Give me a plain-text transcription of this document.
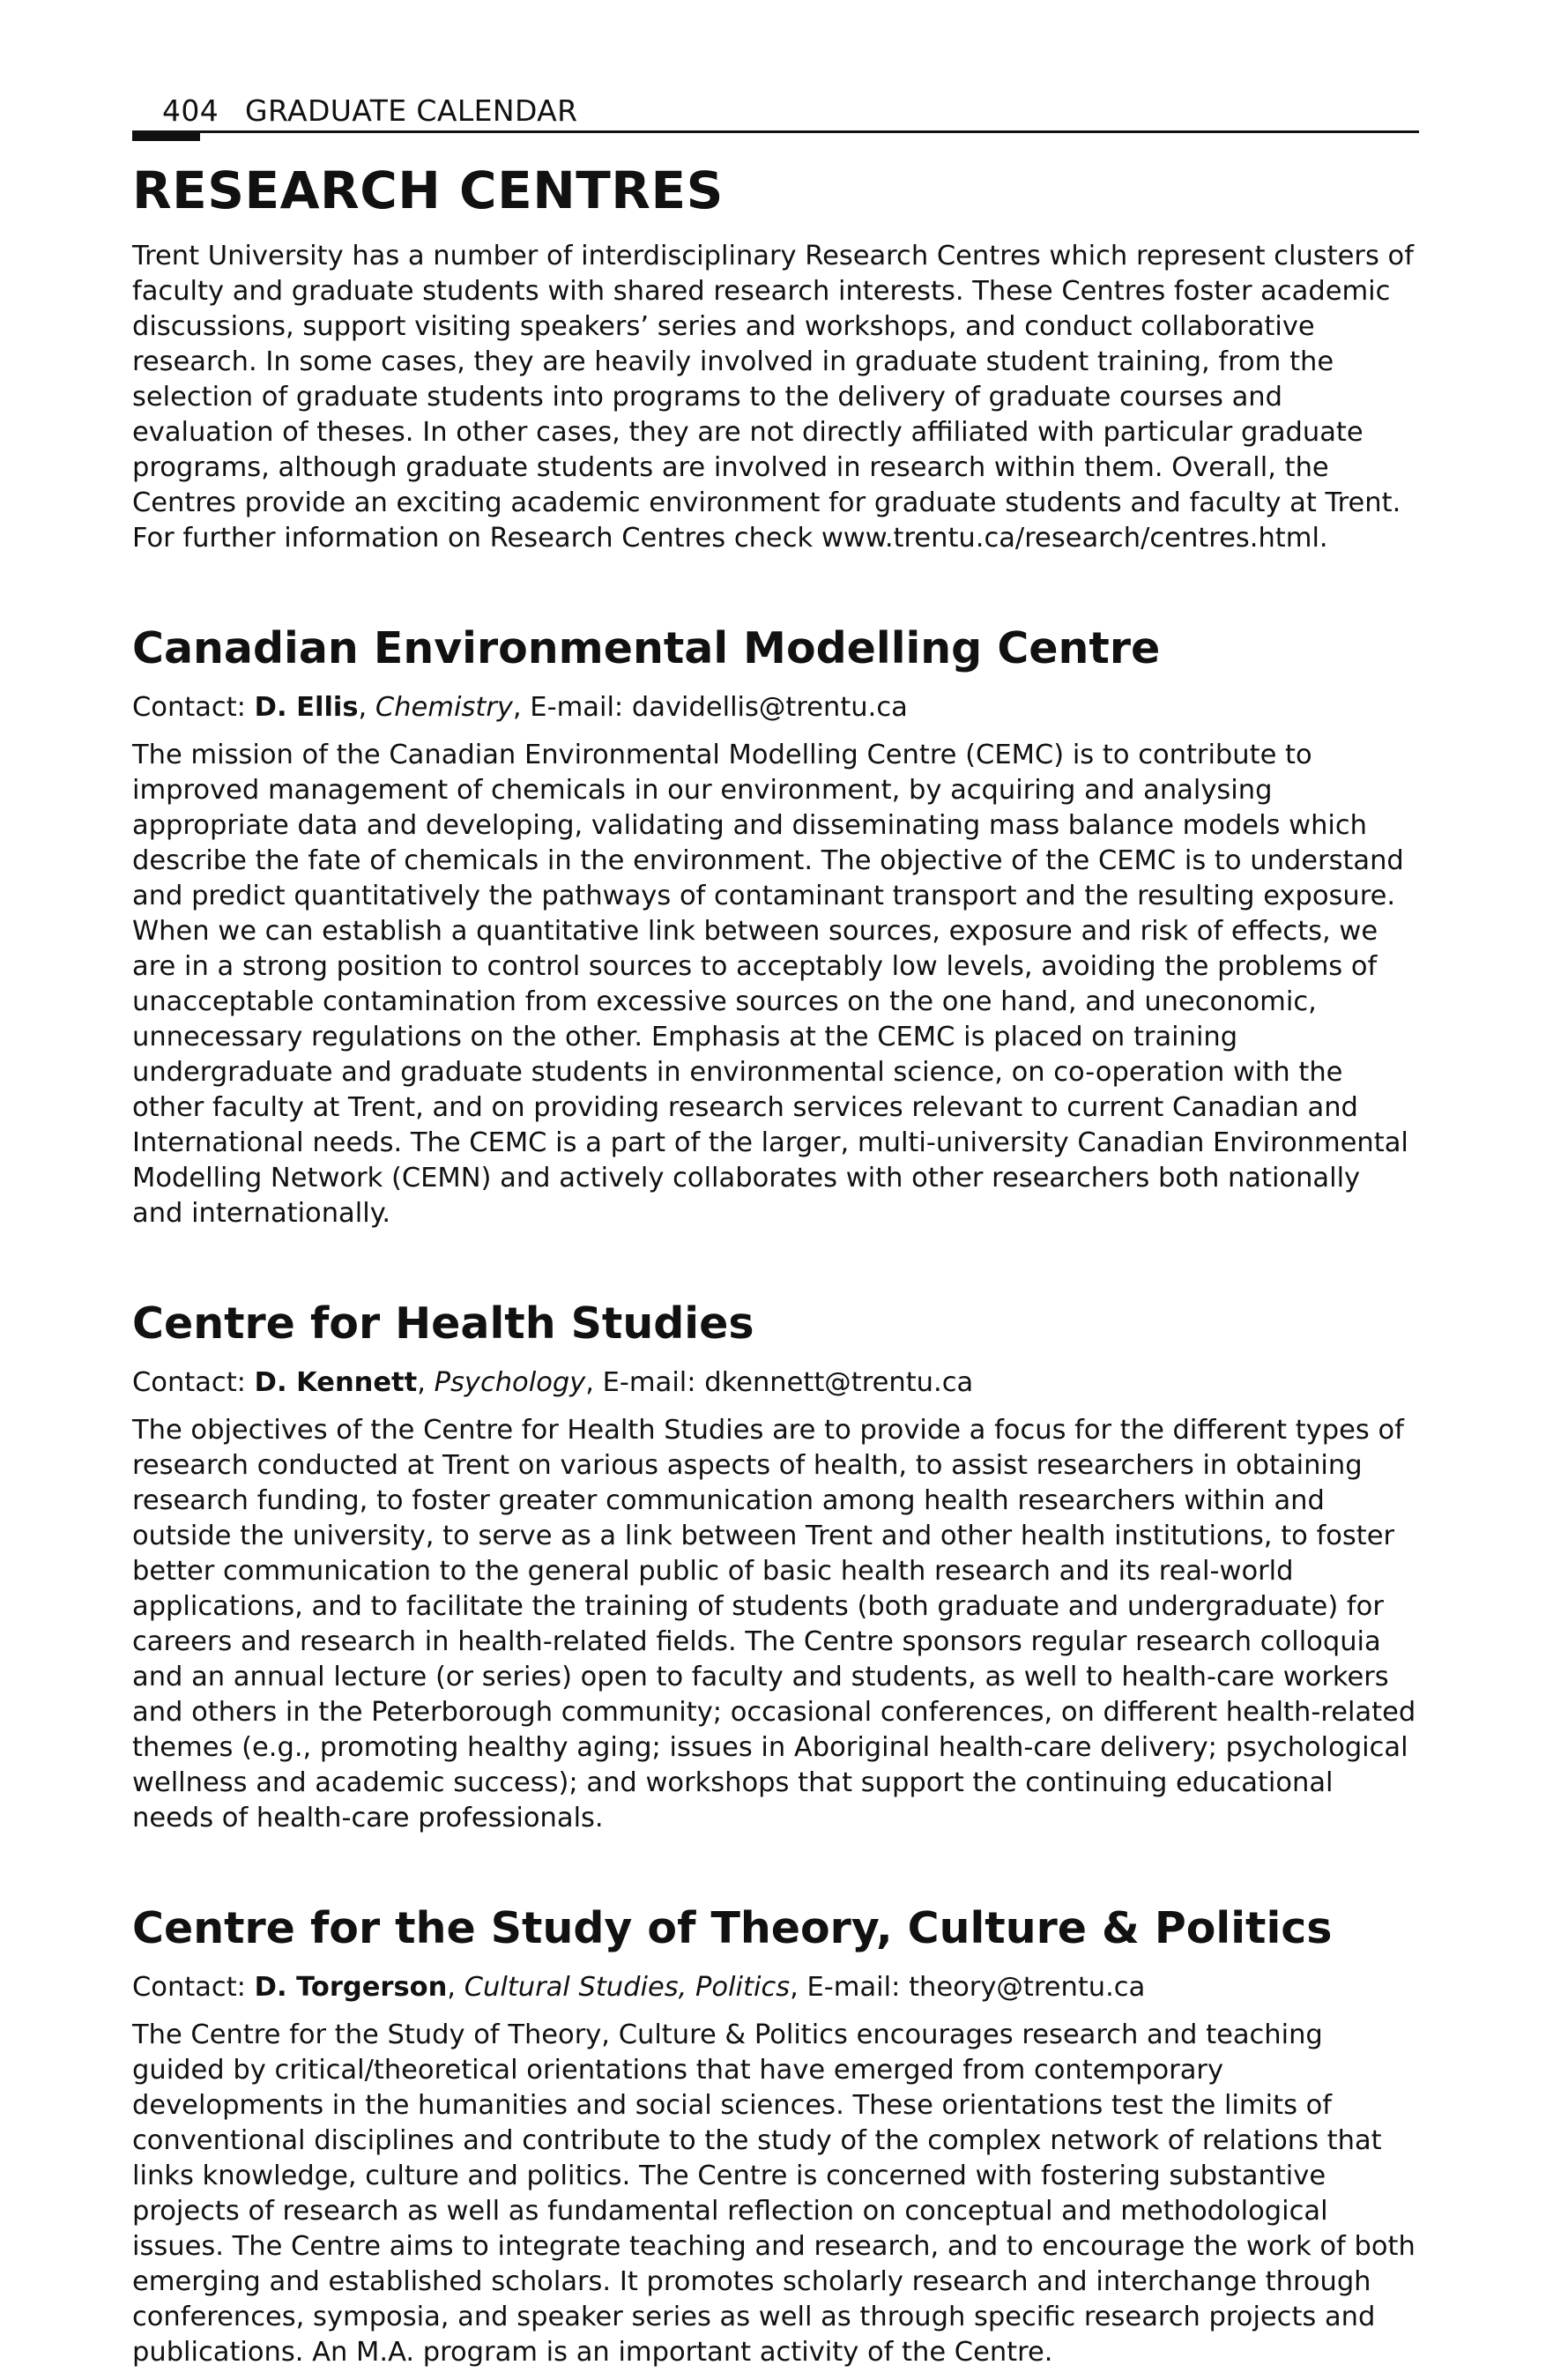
404 GRADUATE CALENDAR
RESEARCH CENTRES

Trent University has a number of interdisciplinary Research Centres which represent clusters of faculty and graduate students with shared research interests. These Centres foster academic discussions, support visiting speakers’ series and workshops, and conduct collaborative research. In some cases, they are heavily involved in graduate student training, from the selection of graduate students into programs to the delivery of graduate courses and evaluation of theses. In other cases, they are not directly affiliated with particular graduate programs, although graduate students are involved in research within them. Overall, the Centres provide an exciting academic environment for graduate students and faculty at Trent. For further information on Research Centres check www.trentu.ca/research/centres.html.

Canadian Environmental Modelling Centre

Contact: D. Ellis, Chemistry, E-mail: davidellis@trentu.ca

The mission of the Canadian Environmental Modelling Centre (CEMC) is to contribute to improved management of chemicals in our environment, by acquiring and analysing appropriate data and developing, validating and disseminating mass balance models which describe the fate of chemicals in the environment. The objective of the CEMC is to understand and predict quantitatively the pathways of contaminant transport and the resulting exposure. When we can establish a quantitative link between sources, exposure and risk of effects, we are in a strong position to control sources to acceptably low levels, avoiding the problems of unacceptable contamination from excessive sources on the one hand, and uneconomic, unnecessary regulations on the other. Emphasis at the CEMC is placed on training undergraduate and graduate students in environmental science, on co-operation with the other faculty at Trent, and on providing research services relevant to current Canadian and International needs. The CEMC is a part of the larger, multi-university Canadian Environmental Modelling Network (CEMN) and actively collaborates with other researchers both nationally and internationally.

Centre for Health Studies

Contact: D. Kennett, Psychology, E-mail: dkennett@trentu.ca

The objectives of the Centre for Health Studies are to provide a focus for the different types of research conducted at Trent on various aspects of health, to assist researchers in obtaining research funding, to foster greater communication among health researchers within and outside the university, to serve as a link between Trent and other health institutions, to foster better communication to the general public of basic health research and its real-world applications, and to facilitate the training of students (both graduate and undergraduate) for careers and research in health-related fields. The Centre sponsors regular research colloquia and an annual lecture (or series) open to faculty and students, as well to health-care workers and others in the Peterborough community; occasional conferences, on different health-related themes (e.g., promoting healthy aging; issues in Aboriginal health-care delivery; psychological wellness and academic success); and workshops that support the continuing educational needs of health-care professionals.

Centre for the Study of Theory, Culture & Politics

Contact: D. Torgerson, Cultural Studies, Politics, E-mail: theory@trentu.ca

The Centre for the Study of Theory, Culture & Politics encourages research and teaching guided by critical/theoretical orientations that have emerged from contemporary developments in the humanities and social sciences. These orientations test the limits of conventional disciplines and contribute to the study of the complex network of relations that links knowledge, culture and politics. The Centre is concerned with fostering substantive projects of research as well as fundamental reflection on conceptual and methodological issues. The Centre aims to integrate teaching and research, and to encourage the work of both emerging and established scholars. It promotes scholarly research and interchange through conferences, symposia, and speaker series as well as through specific research projects and publications. An M.A. program is an important activity of the Centre.
